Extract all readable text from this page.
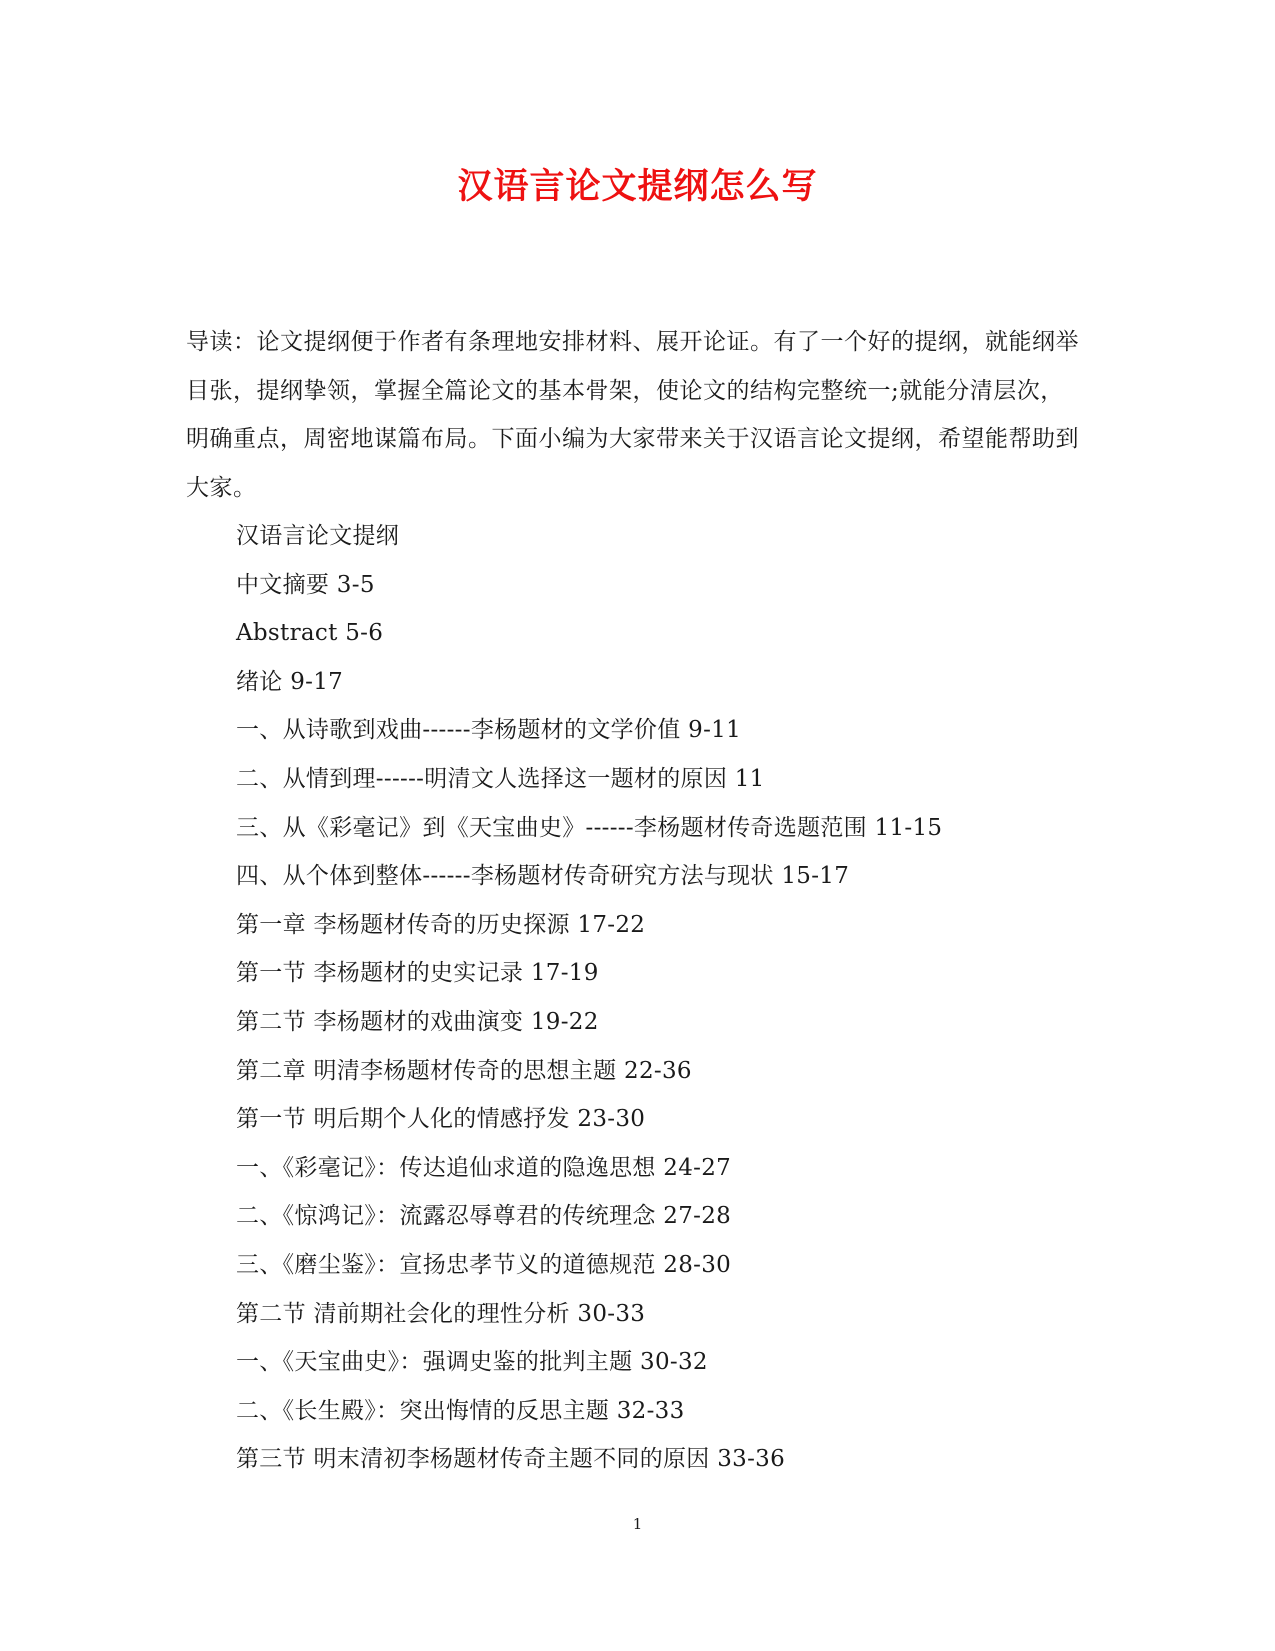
汉语言论文提纲怎么写

导读：论文提纲便于作者有条理地安排材料、展开论证。有了一个好的提纲，就能纲举目张，提纲挚领，掌握全篇论文的基本骨架，使论文的结构完整统一;就能分清层次，明确重点，周密地谋篇布局。下面小编为大家带来关于汉语言论文提纲，希望能帮助到大家。

汉语言论文提纲
中文摘要 3-5
Abstract 5-6
绪论 9-17
一、从诗歌到戏曲------李杨题材的文学价值 9-11
二、从情到理------明清文人选择这一题材的原因 11
三、从《彩毫记》到《天宝曲史》------李杨题材传奇选题范围 11-15
四、从个体到整体------李杨题材传奇研究方法与现状 15-17
第一章 李杨题材传奇的历史探源 17-22
第一节 李杨题材的史实记录 17-19
第二节 李杨题材的戏曲演变 19-22
第二章 明清李杨题材传奇的思想主题 22-36
第一节 明后期个人化的情感抒发 23-30
一、《彩毫记》：传达追仙求道的隐逸思想 24-27
二、《惊鸿记》：流露忍辱尊君的传统理念 27-28
三、《磨尘鉴》：宣扬忠孝节义的道德规范 28-30
第二节 清前期社会化的理性分析 30-33
一、《天宝曲史》：强调史鉴的批判主题 30-32
二、《长生殿》：突出悔情的反思主题 32-33
第三节 明末清初李杨题材传奇主题不同的原因 33-36
1
